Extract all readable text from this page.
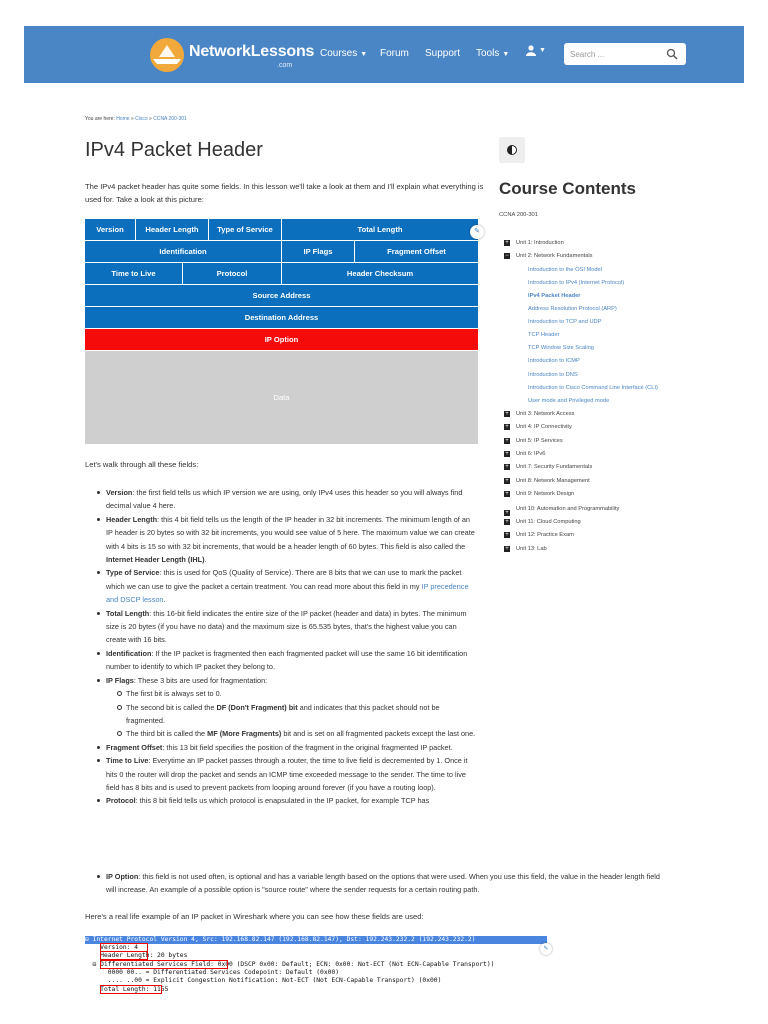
NetworkLessons
.com
Courses ▼ Forum Support Tools ▼
▼
Search ...
You are here: Home » Cisco » CCNA 200-301
IPv4 Packet Header

The IPv4 packet header has quite some fields. In this lesson we'll take a look at them and I'll explain what everything is used for. Take a look at this picture:

Version	Header Length	Type of Service	Total Length
Identification	IP Flags	Fragment Offset
Time to Live	Protocol	Header Checksum
Source Address
Destination Address
IP Option
Data
✎

Let's walk through all these fields:

Version: the first field tells us which IP version we are using, only IPv4 uses this header so you will always find decimal value 4 here.
Header Length: this 4 bit field tells us the length of the IP header in 32 bit increments. The minimum length of an IP header is 20 bytes so with 32 bit increments, you would see value of 5 here. The maximum value we can create with 4 bits is 15 so with 32 bit increments, that would be a header length of 60 bytes. This field is also called the Internet Header Length (IHL).
Type of Service: this is used for QoS (Quality of Service). There are 8 bits that we can use to mark the packet which we can use to give the packet a certain treatment. You can read more about this field in my IP precedence and DSCP lesson.
Total Length: this 16-bit field indicates the entire size of the IP packet (header and data) in bytes. The minimum size is 20 bytes (if you have no data) and the maximum size is 65.535 bytes, that's the highest value you can create with 16 bits.
Identification: If the IP packet is fragmented then each fragmented packet will use the same 16 bit identification number to identify to which IP packet they belong to.
IP Flags: These 3 bits are used for fragmentation:
The first bit is always set to 0.
The second bit is called the DF (Don't Fragment) bit and indicates that this packet should not be fragmented.
The third bit is called the MF (More Fragments) bit and is set on all fragmented packets except the last one.
Fragment Offset: this 13 bit field specifies the position of the fragment in the original fragmented IP packet.
Time to Live: Everytime an IP packet passes through a router, the time to live field is decremented by 1. Once it hits 0 the router will drop the packet and sends an ICMP time exceeded message to the sender. The time to live field has 8 bits and is used to prevent packets from looping around forever (if you have a routing loop).
Protocol: this 8 bit field tells us which protocol is enapsulated in the IP packet, for example TCP has
IP Option: this field is not used often, is optional and has a variable length based on the options that were used. When you use this field, the value in the header length field will increase. An example of a possible option is "source route" where the sender requests for a certain routing path.

Here's a real life example of an IP packet in Wireshark where you can see how these fields are used:

⊟ Internet Protocol Version 4, Src: 192.168.82.147 (192.168.82.147), Dst: 192.243.232.2 (192.243.232.2)
Version: 4
Header Length: 20 bytes
⊟ Differentiated Services Field: 0x00 (DSCP 0x00: Default; ECN: 0x00: Not-ECT (Not ECN-Capable Transport))
0000 00.. = Differentiated Services Codepoint: Default (0x00)
.... ..00 = Explicit Congestion Notification: Not-ECT (Not ECN-Capable Transport) (0x00)
Total Length: 1155
✎
Course Contents
CCNA 200-301
+ Unit 1: Introduction
− Unit 2: Network Fundamentals
Introduction to the OSI Model
Introduction to IPv4 (Internet Protocol)
IPv4 Packet Header
Address Resolution Protocol (ARP)
Introduction to TCP and UDP
TCP Header
TCP Window Size Scaling
Introduction to ICMP
Introduction to DNS
Introduction to Cisco Command Line Interface (CLI)
User mode and Privileged mode
+ Unit 3: Network Access
+ Unit 4: IP Connectivity
+ Unit 5: IP Services
+ Unit 6: IPv6
+ Unit 7: Security Fundamentals
+ Unit 8: Network Management
+ Unit 9: Network Design
+
Unit 10: Automation and Programmability
+ Unit 11: Cloud Computing
+ Unit 12: Practice Exam
+ Unit 13: Lab
